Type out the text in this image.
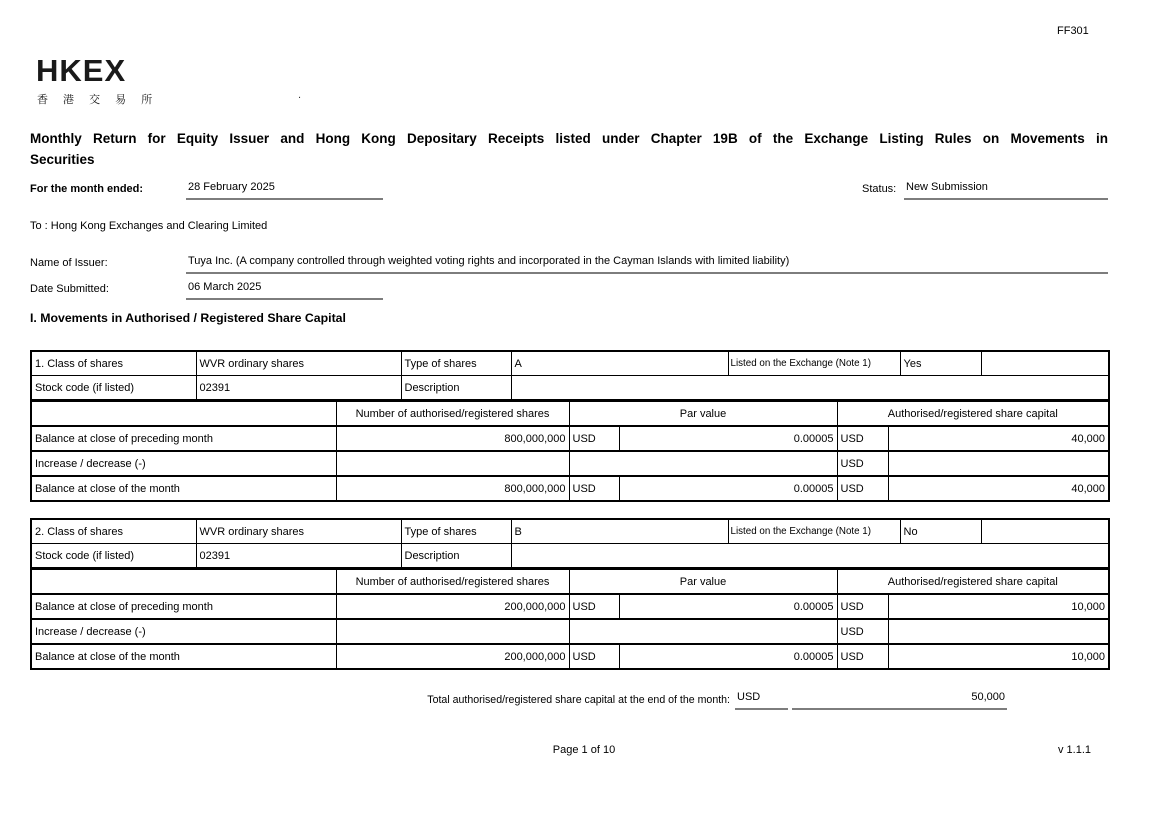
FF301
HKEX
香 港 交 易 所	.
Monthly Return for Equity Issuer and Hong Kong Depositary Receipts listed under Chapter 19B of the Exchange Listing Rules on Movements in
Securities
For the month ended:	28 February 2025	Status: New Submission
To : Hong Kong Exchanges and Clearing Limited
Name of Issuer:	Tuya Inc. (A company controlled through weighted voting rights and incorporated in the Cayman Islands with limited liability)
Date Submitted:	06 March 2025
I. Movements in Authorised / Registered Share Capital
1. Class of shares	WVR ordinary shares	Type of shares	A	Listed on the Exchange (Note 1)	Yes	
Stock code (if listed)	02391	Description				
	Number of authorised/registered shares	Par value		Authorised/registered share capital	
Balance at close of preceding month	800,000,000	USD	0.00005	USD	40,000
Increase / decrease (-)				USD	
Balance at close of the month	800,000,000	USD	0.00005	USD	40,000
2. Class of shares	WVR ordinary shares	Type of shares	B	Listed on the Exchange (Note 1)	No	
Stock code (if listed)	02391	Description				
	Number of authorised/registered shares	Par value		Authorised/registered share capital	
Balance at close of preceding month	200,000,000	USD	0.00005	USD	10,000
Increase / decrease (-)				USD	
Balance at close of the month	200,000,000	USD	0.00005	USD	10,000
Total authorised/registered share capital at the end of the month: USD	50,000
Page 1 of 10	v 1.1.1
